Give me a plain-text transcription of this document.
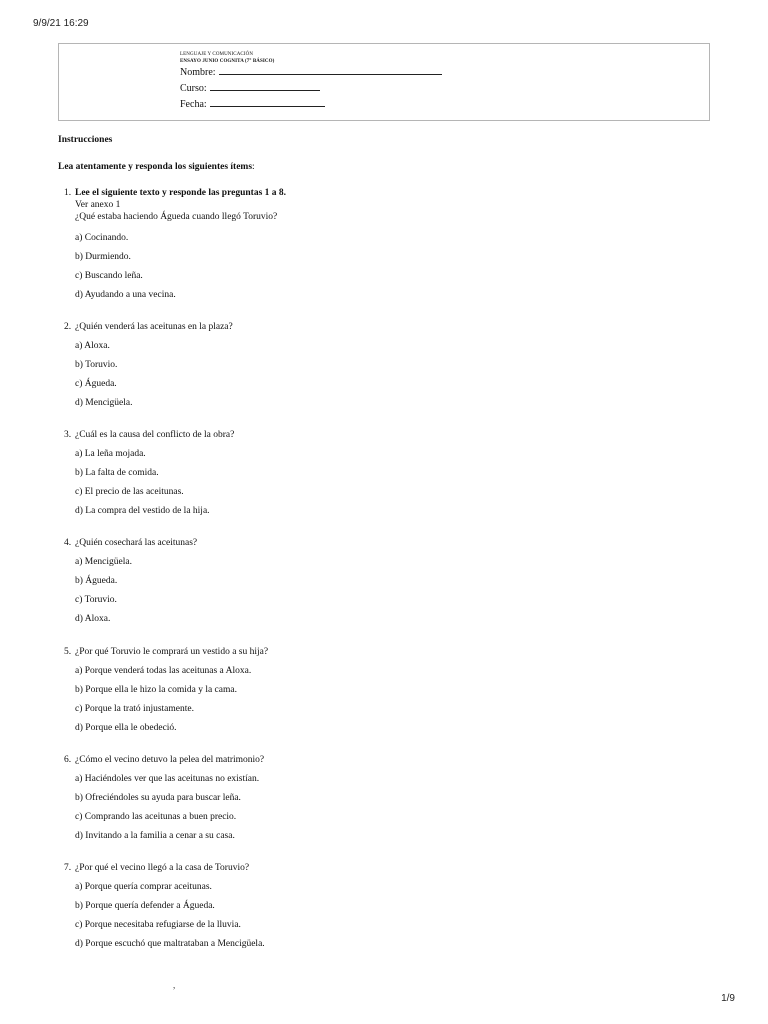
9/9/21 16:29
LENGUAJE Y COMUNICACIÓN
ENSAYO JUNIO COGNITA (7° BÁSICO)
Nombre:
Curso:
Fecha:
Instrucciones
Lea atentamente y responda los siguientes ítems:
1. Lee el siguiente texto y responde las preguntas 1 a 8.
Ver anexo 1
¿Qué estaba haciendo Águeda cuando llegó Toruvio?
a) Cocinando.
b) Durmiendo.
c) Buscando leña.
d) Ayudando a una vecina.
2. ¿Quién venderá las aceitunas en la plaza?
a) Aloxa.
b) Toruvio.
c) Águeda.
d) Mencigüela.
3. ¿Cuál es la causa del conflicto de la obra?
a) La leña mojada.
b) La falta de comida.
c) El precio de las aceitunas.
d) La compra del vestido de la hija.
4. ¿Quién cosechará las aceitunas?
a) Mencigüela.
b) Águeda.
c) Toruvio.
d) Aloxa.
5. ¿Por qué Toruvio le comprará un vestido a su hija?
a) Porque venderá todas las aceitunas a Aloxa.
b) Porque ella le hizo la comida y la cama.
c) Porque la trató injustamente.
d) Porque ella le obedeció.
6. ¿Cómo el vecino detuvo la pelea del matrimonio?
a) Haciéndoles ver que las aceitunas no existían.
b) Ofreciéndoles su ayuda para buscar leña.
c) Comprando las aceitunas a buen precio.
d) Invitando a la familia a cenar a su casa.
7. ¿Por qué el vecino llegó a la casa de Toruvio?
a) Porque quería comprar aceitunas.
b) Porque quería defender a Águeda.
c) Porque necesitaba refugiarse de la lluvia.
d) Porque escuchó que maltrataban a Mencigüela.
,
1/9
